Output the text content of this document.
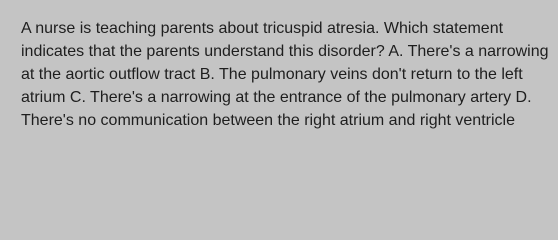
A nurse is teaching parents about tricuspid atresia. Which statement indicates that the parents understand this disorder? A. There's a narrowing at the aortic outflow tract B. The pulmonary veins don't return to the left atrium C. There's a narrowing at the entrance of the pulmonary artery D. There's no communication between the right atrium and right ventricle
